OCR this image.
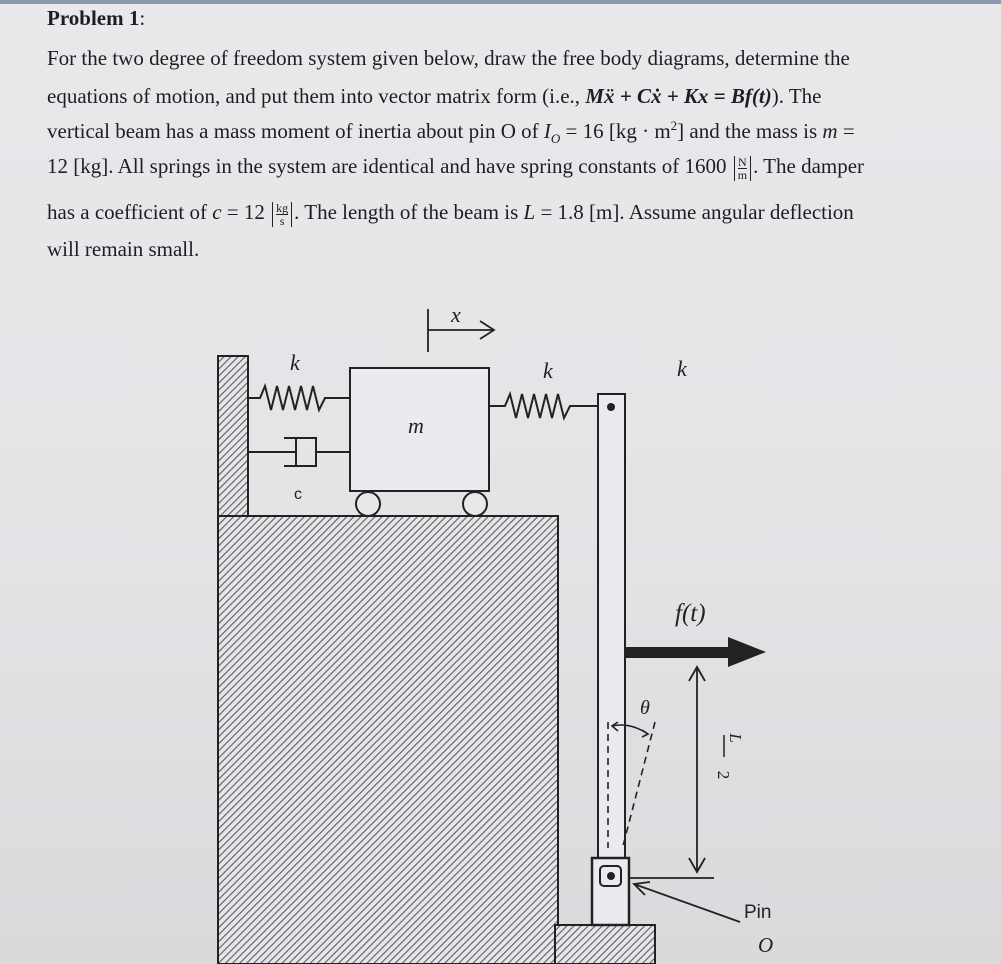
Problem 1:
For the two degree of freedom system given below, draw the free body diagrams, determine the
equations of motion, and put them into vector matrix form (i.e., Mẍ + Cẋ + Kx = Bf(t)). The
vertical beam has a mass moment of inertia about pin O of $I_O = 16$ $[kg \cdot m^2]$ and the mass is m =
12 [kg]. All springs in the system are identical and have spring constants of $1600 \frac{N}{m}$ . The damper
has a coefficient of $c = 12 \frac{kg}{s}$ . The length of the beam is L = 1.8 [m]. Assume angular deflection
will remain small.
x
k
c
m
k	k
f(t)
L
2
θ
Pin
O
